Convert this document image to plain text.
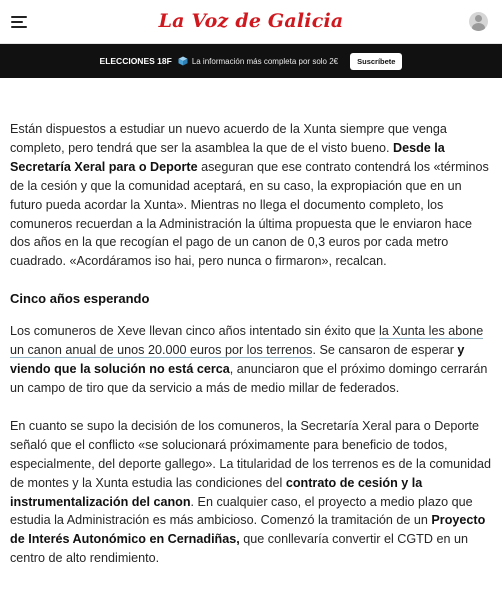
La Voz de Galicia
ELECCIONES 18F	La información más completa por solo 2€	Suscríbete

Están dispuestos a estudiar un nuevo acuerdo de la Xunta siempre que venga completo, pero tendrá que ser la asamblea la que de el visto bueno. Desde la Secretaría Xeral para o Deporte aseguran que ese contrato contendrá los «términos de la cesión y que la comunidad aceptará, en su caso, la expropiación que en un futuro pueda acordar la Xunta». Mientras no llega el documento completo, los comuneros recuerdan a la Administración la última propuesta que le enviaron hace dos años en la que recogían el pago de un canon de 0,3 euros por cada metro cuadrado. «Acordáramos iso hai, pero nunca o firmaron», recalcan.

Cinco años esperando

Los comuneros de Xeve llevan cinco años intentado sin éxito que la Xunta les abone un canon anual de unos 20.000 euros por los terrenos. Se cansaron de esperar y viendo que la solución no está cerca, anunciaron que el próximo domingo cerrarán un campo de tiro que da servicio a más de medio millar de federados.

En cuanto se supo la decisión de los comuneros, la Secretaría Xeral para o Deporte señaló que el conflicto «se solucionará próximamente para beneficio de todos, especialmente, del deporte gallego». La titularidad de los terrenos es de la comunidad de montes y la Xunta estudia las condiciones del contrato de cesión y la instrumentalización del canon. En cualquier caso, el proyecto a medio plazo que estudia la Administración es más ambicioso. Comenzó la tramitación de un Proyecto de Interés Autonómico en Cernadiñas, que conllevaría convertir el CGTD en un centro de alto rendimiento.
